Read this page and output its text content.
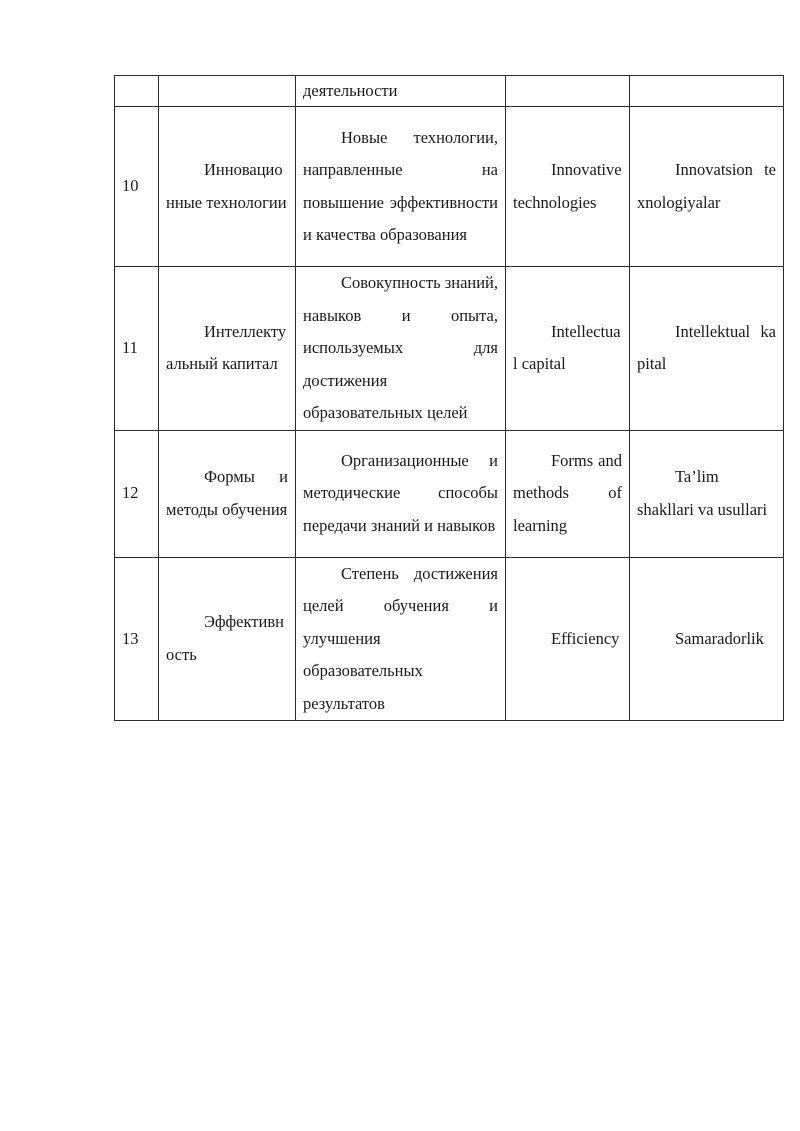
		деятельности		
10	Инновационные технологии	Новые технологии, направленные на повышение эффективности и качества образования	Innovative technologies	Innovatsion texnologiyalar
11	Интеллектуальный капитал	Совокупность знаний, навыков и опыта, используемых для достижения образовательных целей	Intellectual capital	Intellektual kapital
12	Формы и методы обучения	Организационные и методические способы передачи знаний и навыков	Forms and methods of learning	Ta’lim shakllari va usullari
13	Эффективность	Степень достижения целей обучения и улучшения образовательных результатов	Efficiency	Samaradorlik
